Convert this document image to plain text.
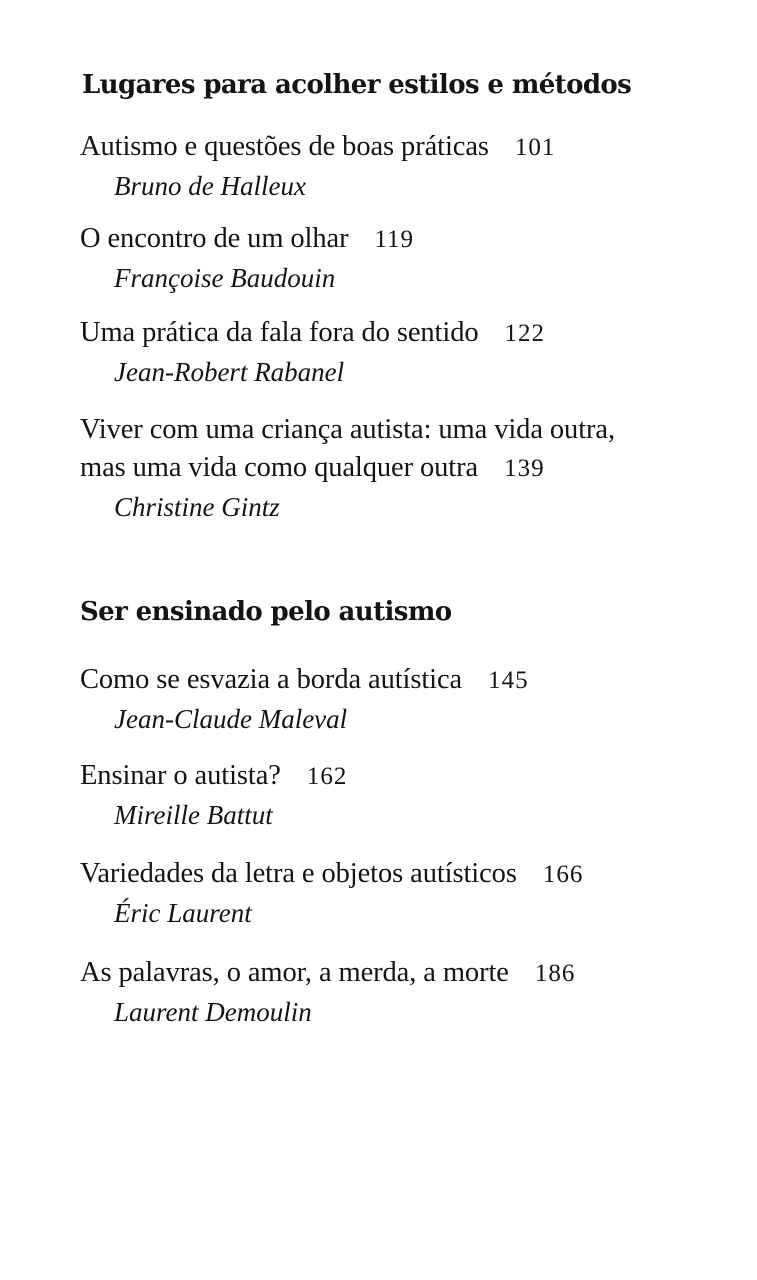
Lugares para acolher estilos e métodos
Autismo e questões de boas práticas 101
Bruno de Halleux
O encontro de um olhar 119
Françoise Baudouin
Uma prática da fala fora do sentido 122
Jean-Robert Rabanel
Viver com uma criança autista: uma vida outra,
mas uma vida como qualquer outra 139
Christine Gintz
Ser ensinado pelo autismo
Como se esvazia a borda autística 145
Jean-Claude Maleval
Ensinar o autista? 162
Mireille Battut
Variedades da letra e objetos autísticos 166
Éric Laurent
As palavras, o amor, a merda, a morte 186
Laurent Demoulin
